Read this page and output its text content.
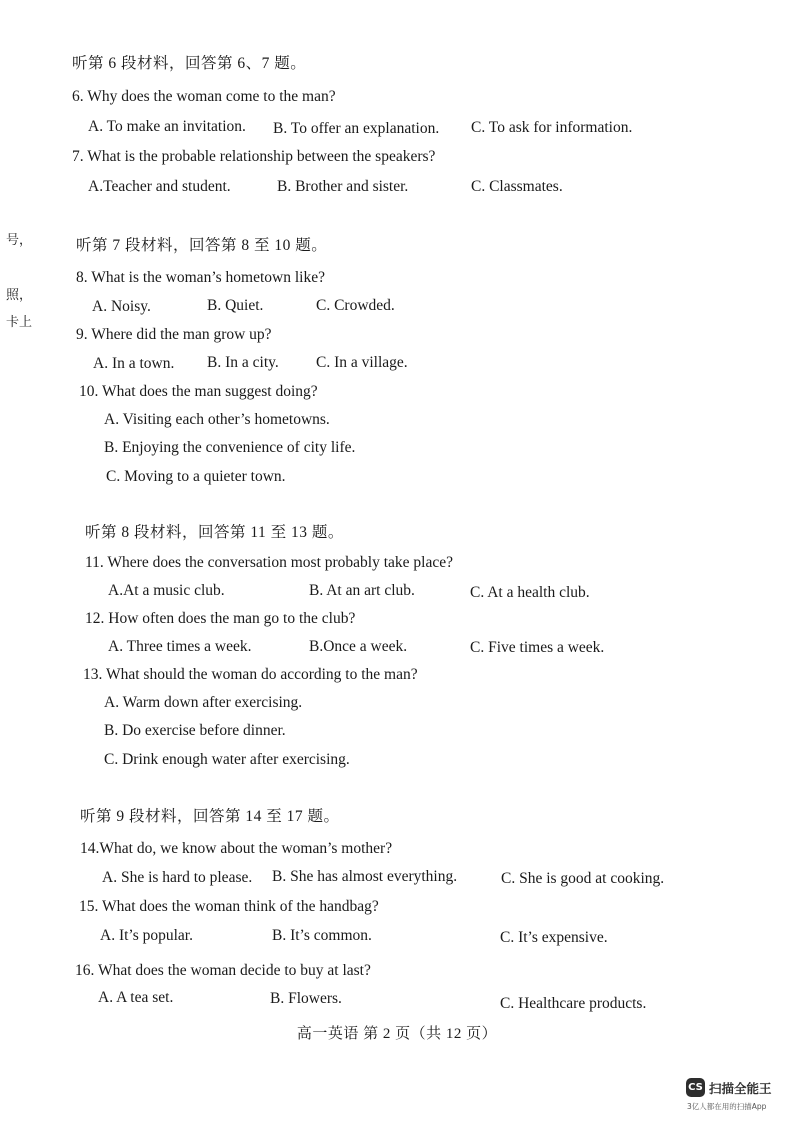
听第 6 段材料，回答第 6、7 题。
6. Why does the woman come to the man?
A. To make an invitation. B. To offer an explanation. C. To ask for information.
7. What is the probable relationship between the speakers?
A.Teacher and student.	B. Brother and sister.	C. Classmates.
号，
照，
卡上
听第 7 段材料，回答第 8 至 10 题。
8. What is the woman’s hometown like?
A. Noisy.	B. Quiet.	C. Crowded.
9. Where did the man grow up?
A. In a town. B. In a city. C. In a village.
10. What does the man suggest doing?
A. Visiting each other’s hometowns.
B. Enjoying the convenience of city life.
C. Moving to a quieter town.
听第 8 段材料，回答第 11 至 13 题。
11. Where does the conversation most probably take place?
A.At a music club.	B. At an art club.	C. At a health club.
12. How often does the man go to the club?
A. Three times a week.	B.Once a week.	C. Five times a week.
13. What should the woman do according to the man?
A. Warm down after exercising.
B. Do exercise before dinner.
C. Drink enough water after exercising.
听第 9 段材料，回答第 14 至 17 题。
14.What do, we know about the woman’s mother?
A. She is hard to please. B. She has almost everything.	C. She is good at cooking.
15. What does the woman think of the handbag?
A. It’s popular.	B. It’s common.	C. It’s expensive.
16. What does the woman decide to buy at last?
A. A tea set.	B. Flowers.	C. Healthcare products.
高一英语 第 2 页（共 12 页）
CS 扫描全能王
3亿人都在用的扫描App
